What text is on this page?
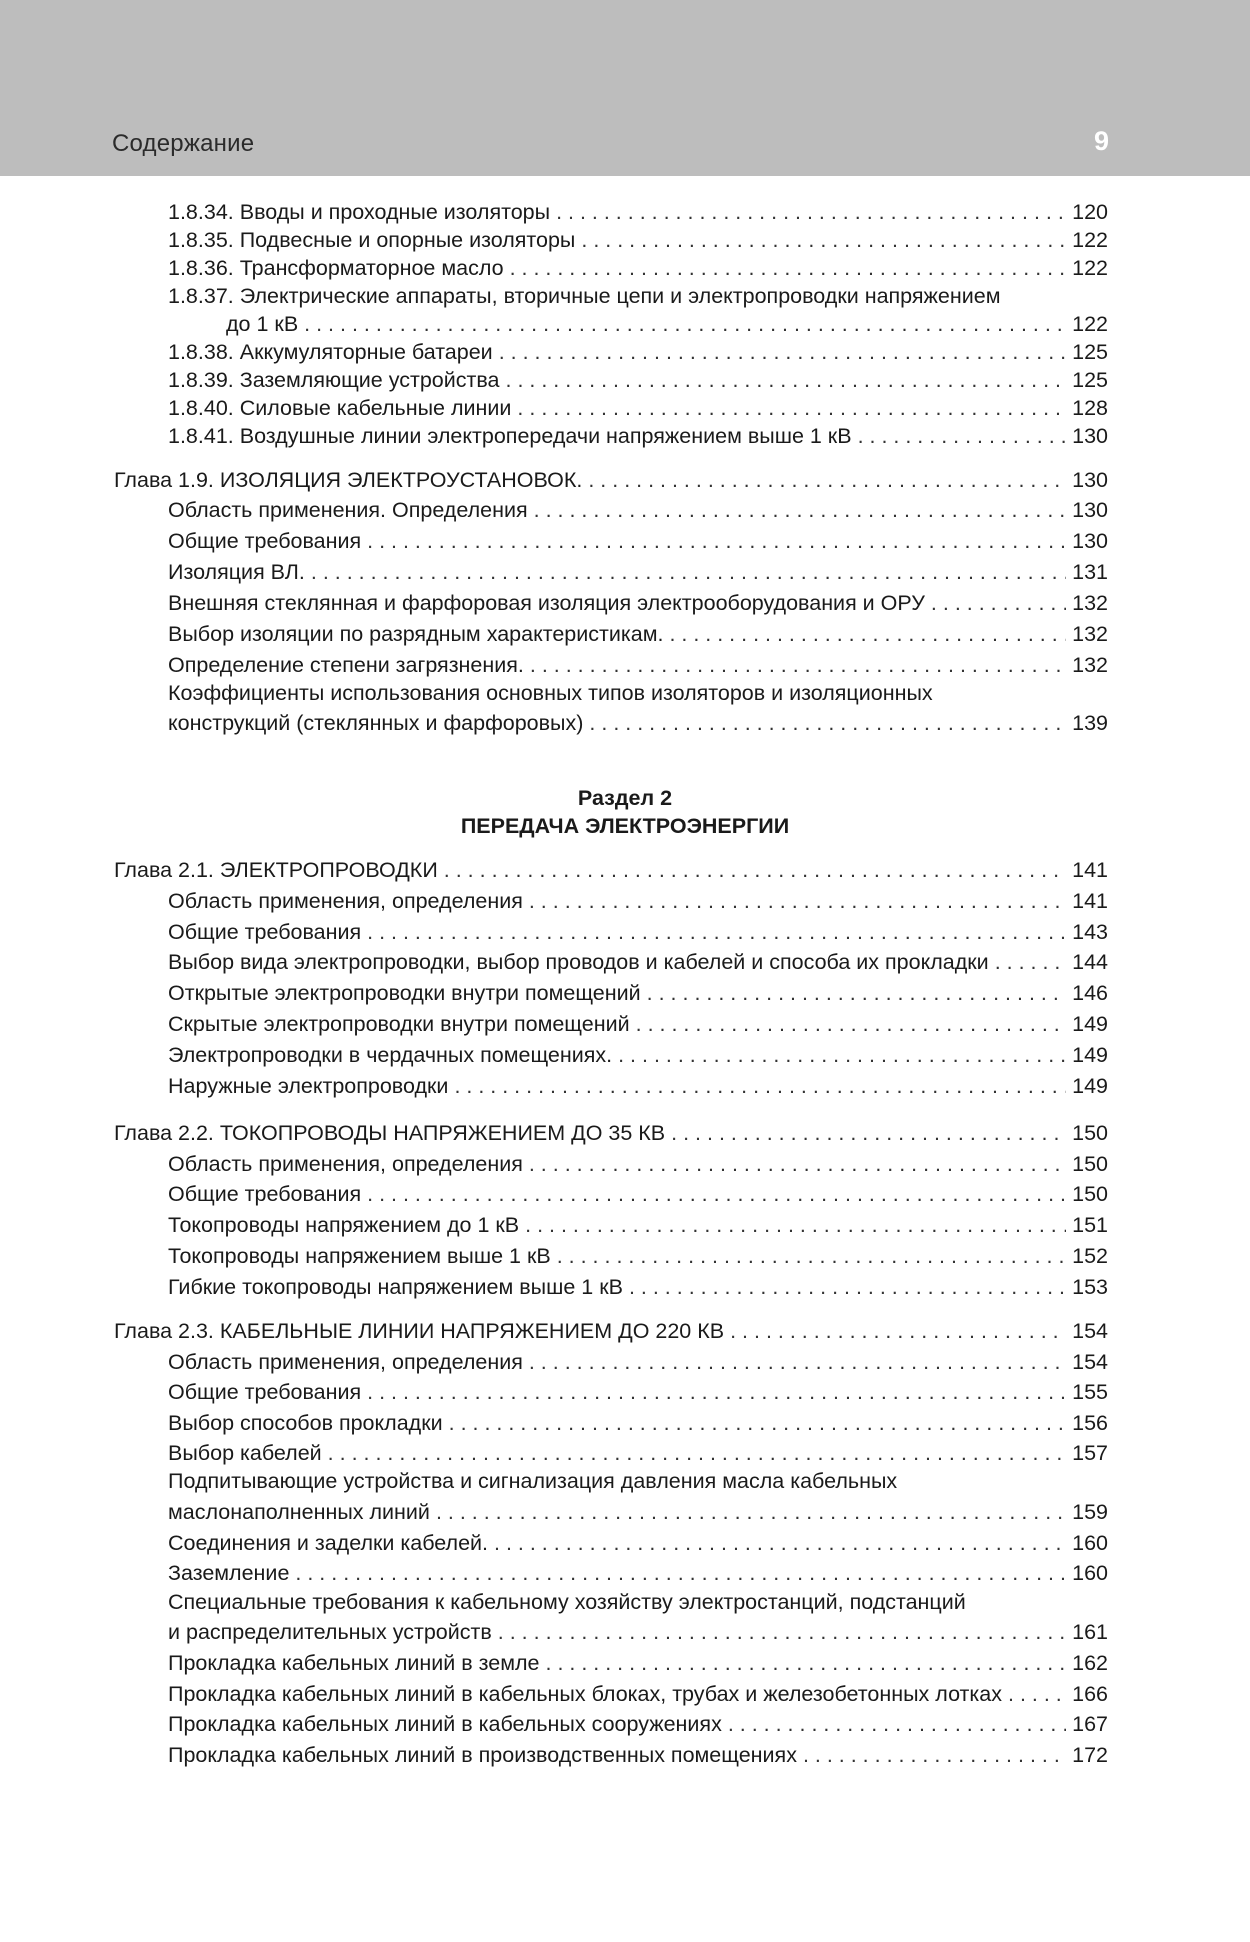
Содержание	9
1.8.34. Вводы и проходные изоляторы . . .	120
1.8.35. Подвесные и опорные изоляторы . . .	122
1.8.36. Трансформаторное масло . . .	122
1.8.37. Электрические аппараты, вторичные цепи и электропроводки напряжением
до 1 кВ . . .	122
1.8.38. Аккумуляторные батареи . . .	125
1.8.39. Заземляющие устройства . . .	125
1.8.40. Силовые кабельные линии . . .	128
1.8.41. Воздушные линии электропередачи напряжением выше 1 кВ . . .	130
Глава 1.9. ИЗОЛЯЦИЯ ЭЛЕКТРОУСТАНОВОК. . . .	130
Область применения. Определения . . .	130
Общие требования . . .	130
Изоляция ВЛ. . . .	131
Внешняя стеклянная и фарфоровая изоляция электрооборудования и ОРУ . . .	132
Выбор изоляции по разрядным характеристикам. . . .	132
Определение степени загрязнения. . . .	132
Коэффициенты использования основных типов изоляторов и изоляционных
конструкций (стеклянных и фарфоровых) . . .	139
Раздел 2
ПЕРЕДАЧА ЭЛЕКТРОЭНЕРГИИ
Глава 2.1. ЭЛЕКТРОПРОВОДКИ . . .	141
Область применения, определения . . .	141
Общие требования . . .	143
Выбор вида электропроводки, выбор проводов и кабелей и способа их прокладки . . .	144
Открытые электропроводки внутри помещений . . .	146
Скрытые электропроводки внутри помещений . . .	149
Электропроводки в чердачных помещениях. . . .	149
Наружные электропроводки . . .	149
Глава 2.2. ТОКОПРОВОДЫ НАПРЯЖЕНИЕМ ДО 35 КВ . . .	150
Область применения, определения . . .	150
Общие требования . . .	150
Токопроводы напряжением до 1 кВ . . .	151
Токопроводы напряжением выше 1 кВ . . .	152
Гибкие токопроводы напряжением выше 1 кВ . . .	153
Глава 2.3. КАБЕЛЬНЫЕ ЛИНИИ НАПРЯЖЕНИЕМ ДО 220 КВ . . .	154
Область применения, определения . . .	154
Общие требования . . .	155
Выбор способов прокладки . . .	156
Выбор кабелей . . .	157
Подпитывающие устройства и сигнализация давления масла кабельных
маслонаполненных линий . . .	159
Соединения и заделки кабелей. . . .	160
Заземление . . .	160
Специальные требования к кабельному хозяйству электростанций, подстанций
и распределительных устройств . . .	161
Прокладка кабельных линий в земле . . .	162
Прокладка кабельных линий в кабельных блоках, трубах и железобетонных лотках . . .	166
Прокладка кабельных линий в кабельных сооружениях . . .	167
Прокладка кабельных линий в производственных помещениях . . .	172
